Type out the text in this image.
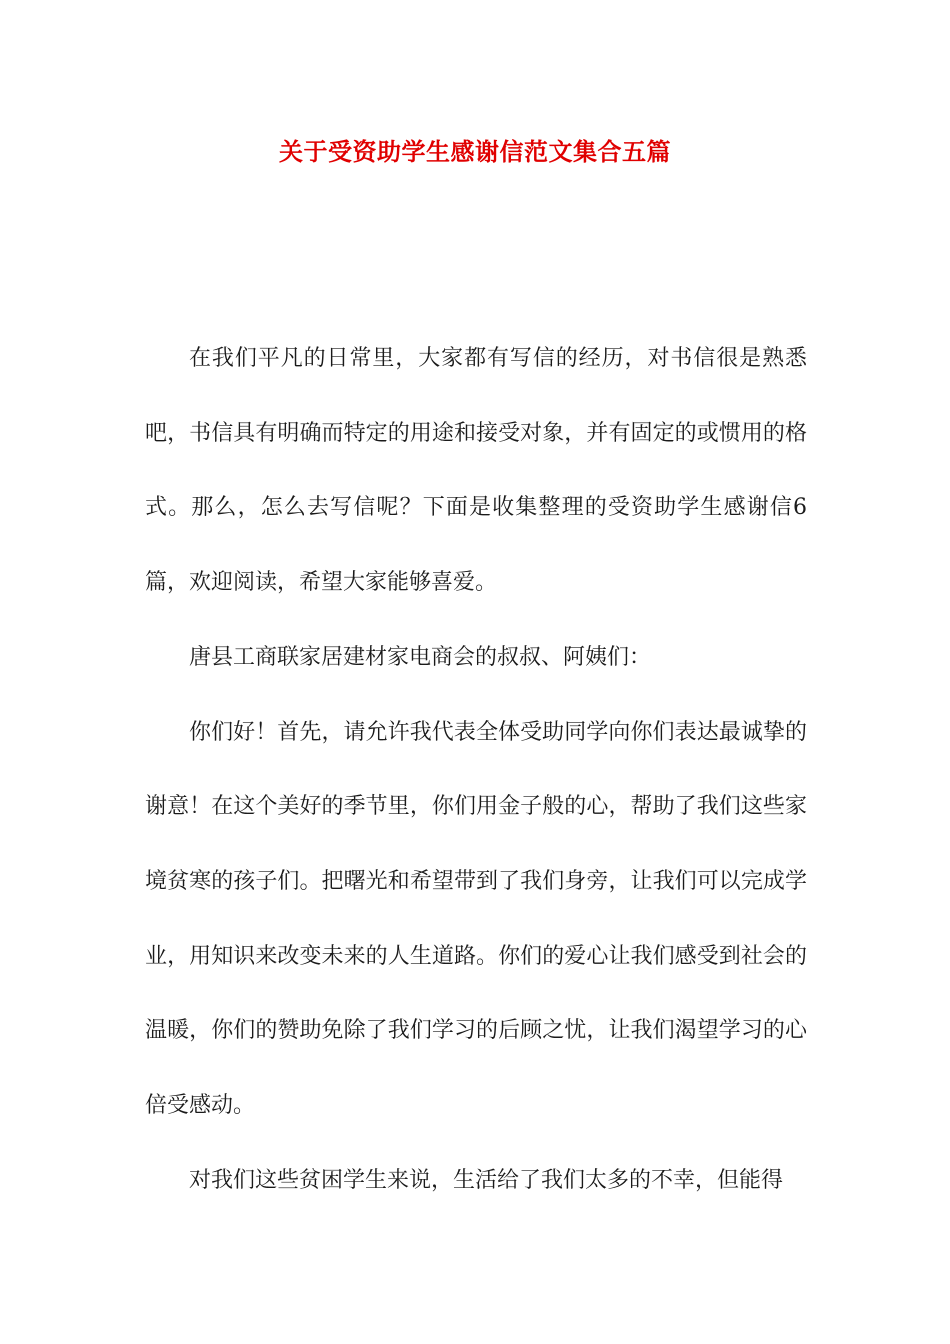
关于受资助学生感谢信范文集合五篇

在我们平凡的日常里，大家都有写信的经历，对书信很是熟悉吧，书信具有明确而特定的用途和接受对象，并有固定的或惯用的格式。那么，怎么去写信呢？下面是收集整理的受资助学生感谢信6篇，欢迎阅读，希望大家能够喜爱。

唐县工商联家居建材家电商会的叔叔、阿姨们：

你们好！首先，请允许我代表全体受助同学向你们表达最诚挚的谢意！在这个美好的季节里，你们用金子般的心，帮助了我们这些家境贫寒的孩子们。把曙光和希望带到了我们身旁，让我们可以完成学业，用知识来改变未来的人生道路。你们的爱心让我们感受到社会的温暖，你们的赞助免除了我们学习的后顾之忧，让我们渴望学习的心倍受感动。

对我们这些贫困学生来说，生活给了我们太多的不幸，但能得
